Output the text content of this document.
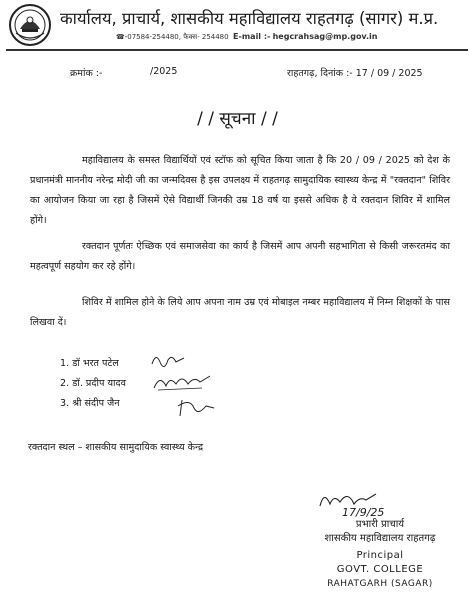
कार्यालय, प्राचार्य, शासकीय महाविद्यालय राहतगढ़ (सागर) म.प्र.
☎-07584-254480, फैक्स- 254480 E-mail :- hegcrahsag@mp.gov.in
क्रमांक :-	/2025	राहतगढ़, दिनांक :- 17 / 09 / 2025
/ / सूचना / /
महाविद्यालय के समस्त विद्यार्थियों एवं स्टॉफ को सूचित किया जाता है कि 20 / 09 / 2025 को देश के प्रधानमंत्री माननीय नरेन्द्र मोदी जी का जन्मदिवस है इस उपलक्ष्य में राहतगढ़ सामुदायिक स्वास्थ्य केन्द्र में "रक्तदान" शिविर का आयोजन किया जा रहा है जिसमें ऐसे विद्यार्थी जिनकी उम्र 18 वर्ष या इससे अधिक है वे रक्तदान शिविर में शामिल होंगे।
रक्तदान पूर्णतः ऐच्छिक एवं समाजसेवा का कार्य है जिसमें आप अपनी सहभागिता से किसी जरूरतमंद का महत्वपूर्ण सहयोग कर रहे होंगे।
शिविर में शामिल होने के लिये आप अपना नाम उम्र एवं मोबाइल नम्बर महाविद्यालय में निम्न शिक्षकों के पास लिखवा दें।
1. डॉ भरत पटेल
2. डॉ. प्रदीप यादव
3. श्री संदीप जैन
रक्तदान स्थल – शासकीय सामुदायिक स्वास्थ्य केन्द्र
17/9/25
प्रभारी प्राचार्य
शासकीय महाविद्यालय राहतगढ़
Principal
GOVT. COLLEGE
RAHATGARH (SAGAR)
